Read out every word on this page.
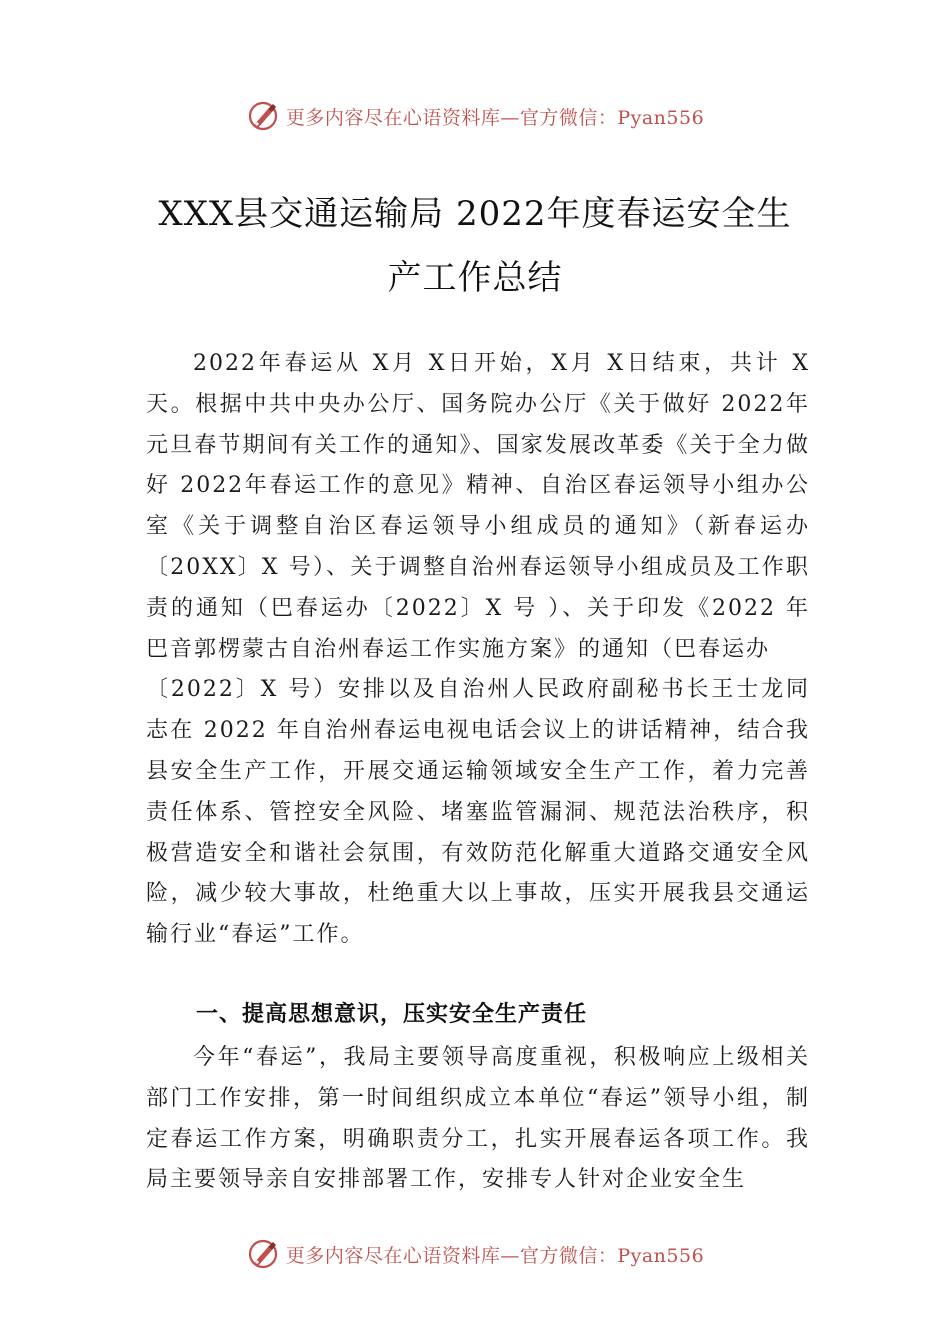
更多内容尽在心语资料库—官方微信：Pyan556
XXX县交通运输局 2022年度春运安全生
产工作总结

2022年春运从 X月 X日开始，X月 X日结束，共计 X天。根据中共中央办公厅、国务院办公厅《关于做好 2022年元旦春节期间有关工作的通知》、国家发展改革委《关于全力做好 2022年春运工作的意见》精神、自治区春运领导小组办公室《关于调整自治区春运领导小组成员的通知》（新春运办〔20XX〕X 号）、关于调整自治州春运领导小组成员及工作职责的通知（巴春运办〔2022〕X 号 ）、关于印发《2022 年巴音郭楞蒙古自治州春运工作实施方案》的通知（巴春运办

〔2022〕X 号）安排以及自治州人民政府副秘书长王士龙同志在 2022 年自治州春运电视电话会议上的讲话精神，结合我县安全生产工作，开展交通运输领域安全生产工作，着力完善责任体系、管控安全风险、堵塞监管漏洞、规范法治秩序，积极营造安全和谐社会氛围，有效防范化解重大道路交通安全风险，减少较大事故，杜绝重大以上事故，压实开展我县交通运输行业“春运”工作。

一、提高思想意识，压实安全生产责任

今年“春运”，我局主要领导高度重视，积极响应上级相关部门工作安排，第一时间组织成立本单位“春运”领导小组，制定春运工作方案，明确职责分工，扎实开展春运各项工作。我局主要领导亲自安排部署工作，安排专人针对企业安全生

更多内容尽在心语资料库—官方微信：Pyan556
